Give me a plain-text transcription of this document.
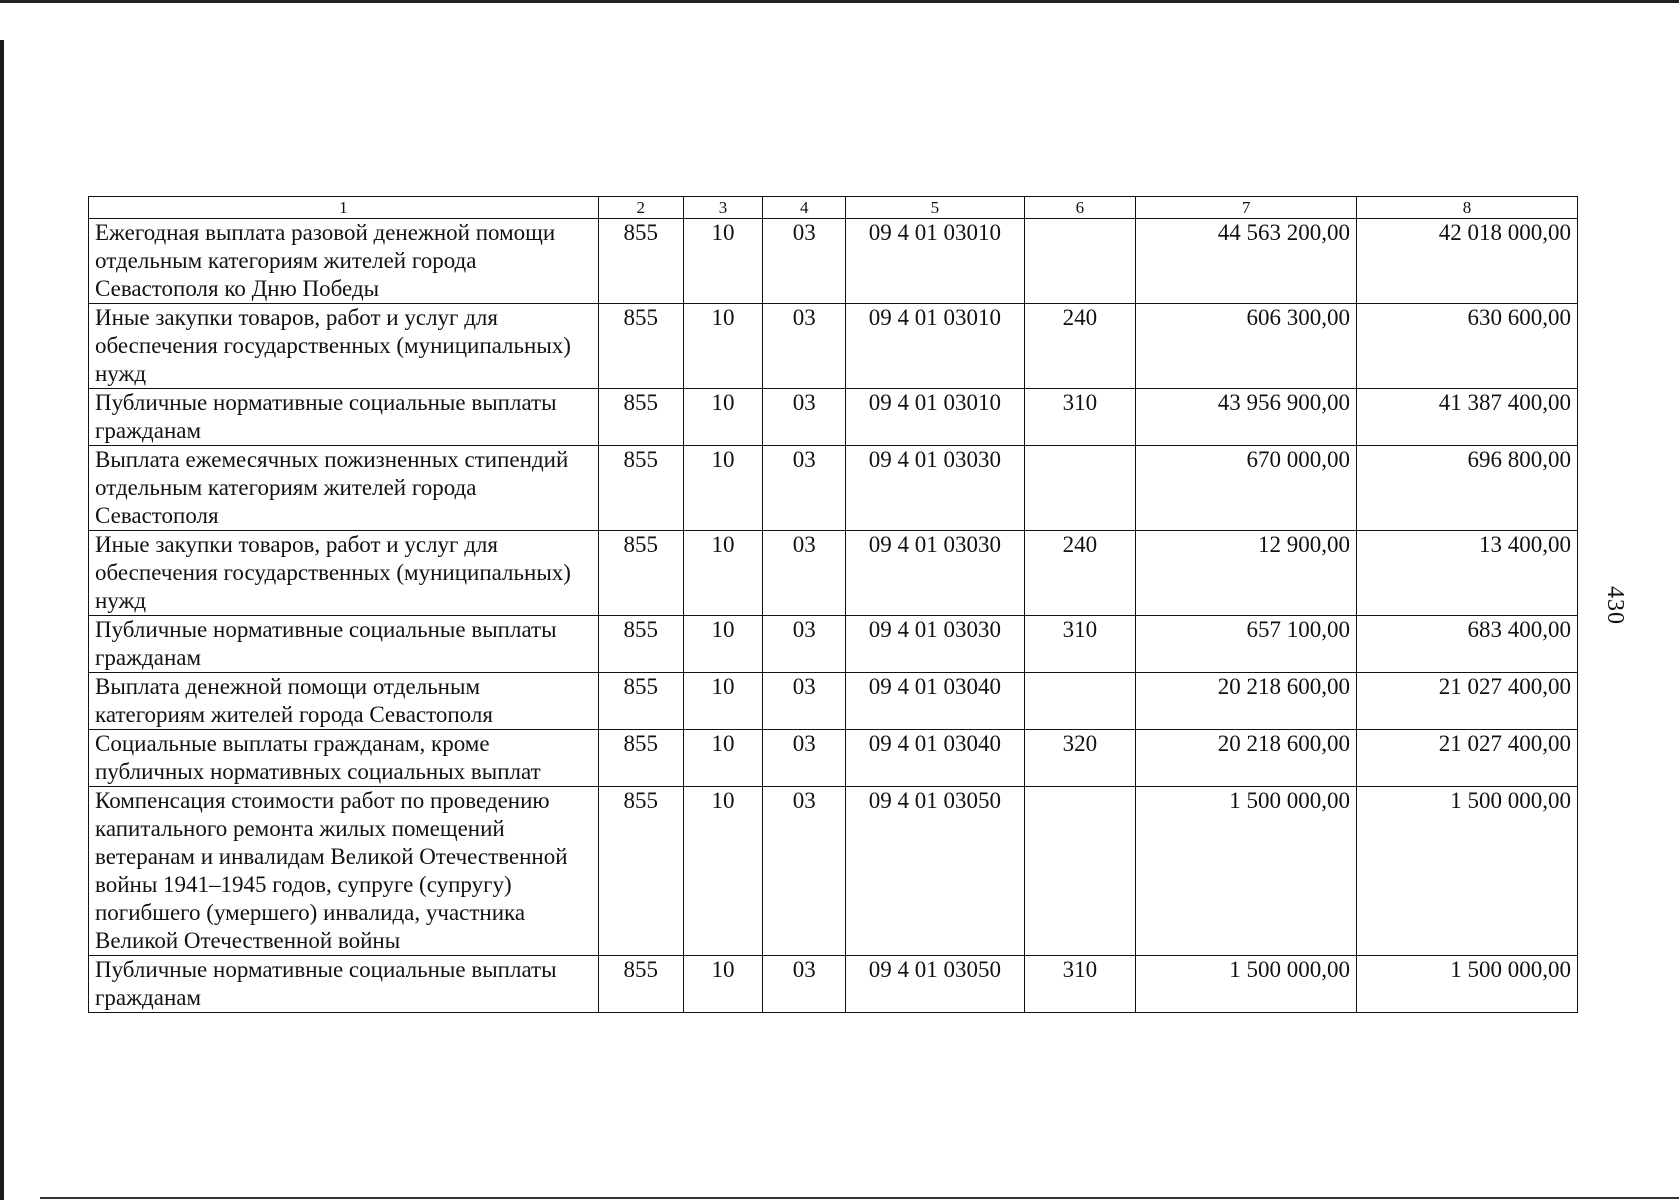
1	2	3	4	5	6	7	8
Ежегодная выплата разовой денежной помощи отдельным категориям жителей города Севастополя ко Дню Победы	855	10	03	09 4 01 03010		44 563 200,00	42 018 000,00
Иные закупки товаров, работ и услуг для обеспечения государственных (муниципальных) нужд	855	10	03	09 4 01 03010	240	606 300,00	630 600,00
Публичные нормативные социальные выплаты гражданам	855	10	03	09 4 01 03010	310	43 956 900,00	41 387 400,00
Выплата ежемесячных пожизненных стипендий отдельным категориям жителей города Севастополя	855	10	03	09 4 01 03030		670 000,00	696 800,00
Иные закупки товаров, работ и услуг для обеспечения государственных (муниципальных) нужд	855	10	03	09 4 01 03030	240	12 900,00	13 400,00
Публичные нормативные социальные выплаты гражданам	855	10	03	09 4 01 03030	310	657 100,00	683 400,00
Выплата денежной помощи отдельным категориям жителей города Севастополя	855	10	03	09 4 01 03040		20 218 600,00	21 027 400,00
Социальные выплаты гражданам, кроме публичных нормативных социальных выплат	855	10	03	09 4 01 03040	320	20 218 600,00	21 027 400,00
Компенсация стоимости работ по проведению капитального ремонта жилых помещений ветеранам и инвалидам Великой Отечественной войны 1941–1945 годов, супруге (супругу) погибшего (умершего) инвалида, участника Великой Отечественной войны	855	10	03	09 4 01 03050		1 500 000,00	1 500 000,00
Публичные нормативные социальные выплаты гражданам	855	10	03	09 4 01 03050	310	1 500 000,00	1 500 000,00
430
